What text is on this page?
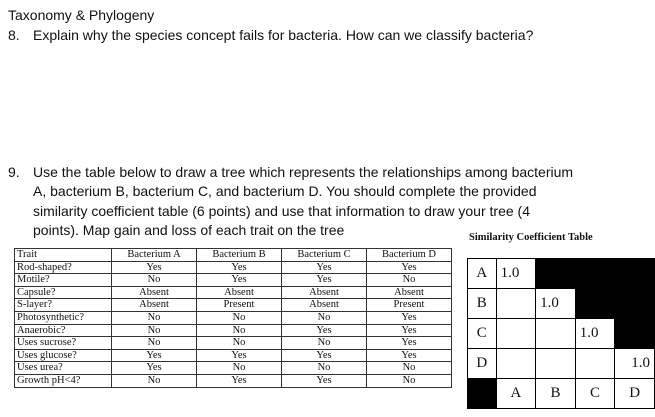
Taxonomy & Phylogeny
8. Explain why the species concept fails for bacteria. How can we classify bacteria?
9. Use the table below to draw a tree which represents the relationships among bacterium
A, bacterium B, bacterium C, and bacterium D. You should complete the provided
similarity coefficient table (6 points) and use that information to draw your tree (4
points). Map gain and loss of each trait on the tree
Trait	Bacterium A	Bacterium B	Bacterium C	Bacterium D
Rod-shaped?	Yes	Yes	Yes	Yes
Motile?	No	Yes	Yes	No
Capsule?	Absent	Absent	Absent	Absent
S-layer?	Absent	Present	Absent	Present
Photosynthetic?	No	No	No	Yes
Anaerobic?	No	No	Yes	Yes
Uses sucrose?	No	No	No	Yes
Uses glucose?	Yes	Yes	Yes	Yes
Uses urea?	Yes	No	No	No
Growth pH<4?	No	Yes	Yes	No
Similarity Coefficient Table
A	1.0			
B		1.0		
C			1.0	
D				1.0
	A	B	C	D
